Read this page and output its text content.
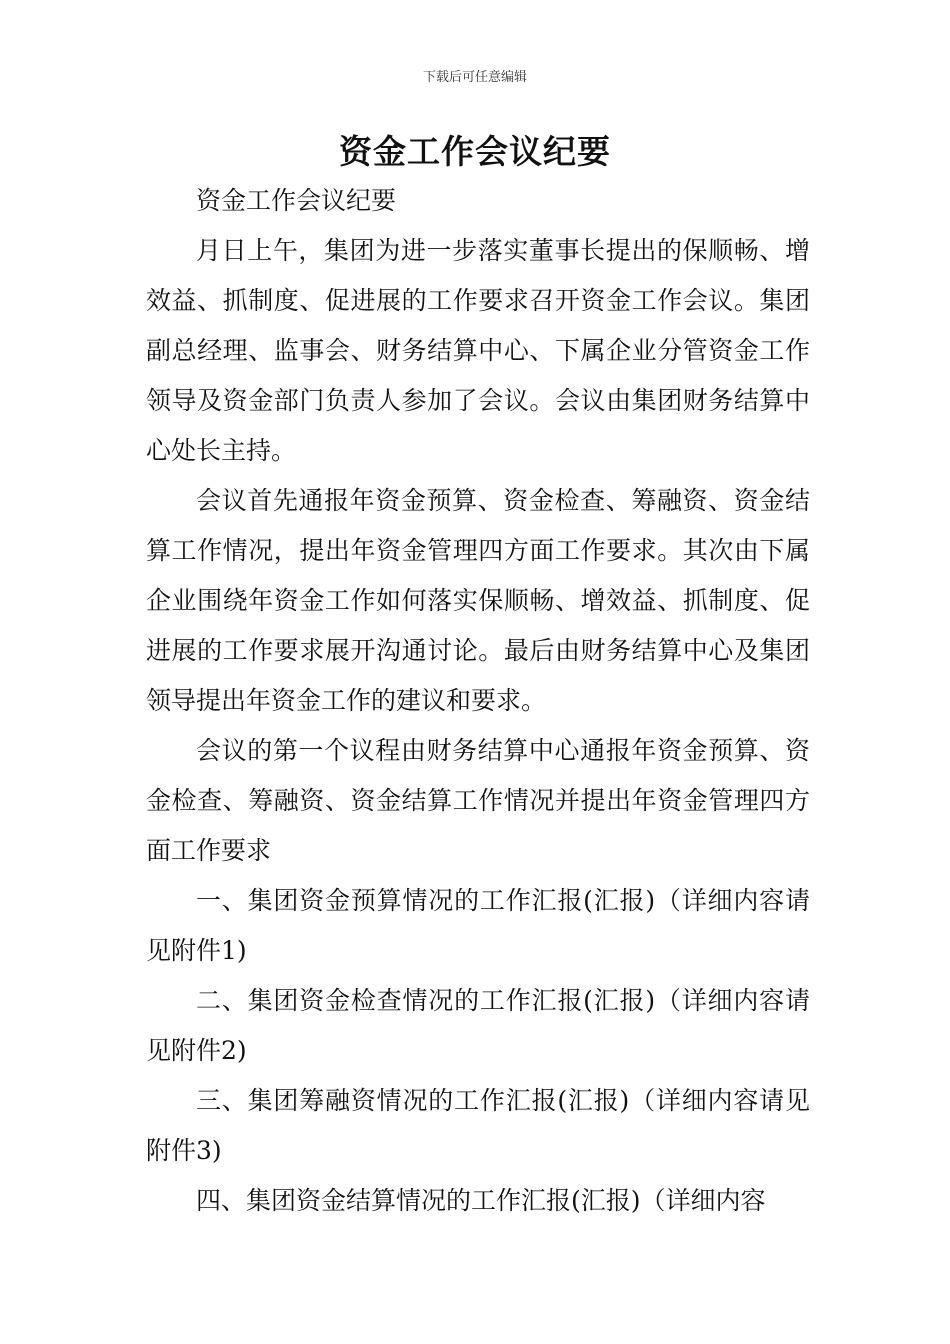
下载后可任意编辑
资金工作会议纪要

资金工作会议纪要

月日上午，集团为进一步落实董事长提出的保顺畅、增效益、抓制度、促进展的工作要求召开资金工作会议。集团副总经理、监事会、财务结算中心、下属企业分管资金工作领导及资金部门负责人参加了会议。会议由集团财务结算中心处长主持。

会议首先通报年资金预算、资金检查、筹融资、资金结算工作情况，提出年资金管理四方面工作要求。其次由下属企业围绕年资金工作如何落实保顺畅、增效益、抓制度、促进展的工作要求展开沟通讨论。最后由财务结算中心及集团领导提出年资金工作的建议和要求。

会议的第一个议程由财务结算中心通报年资金预算、资金检查、筹融资、资金结算工作情况并提出年资金管理四方面工作要求

一、集团资金预算情况的工作汇报(汇报)（详细内容请见附件1)

二、集团资金检查情况的工作汇报(汇报)（详细内容请见附件2)

三、集团筹融资情况的工作汇报(汇报)（详细内容请见附件3)

四、集团资金结算情况的工作汇报(汇报)（详细内容
